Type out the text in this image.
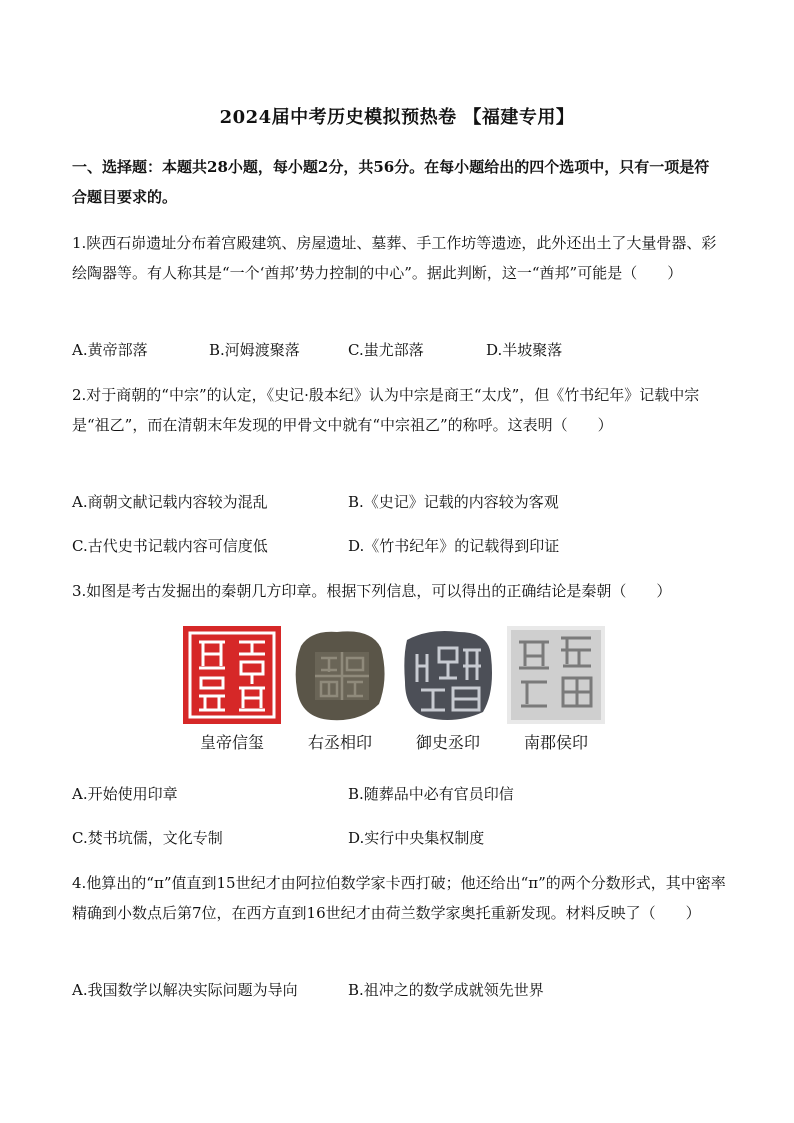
2024届中考历史模拟预热卷 【福建专用】
一、选择题：本题共28小题，每小题2分，共56分。在每小题给出的四个选项中，只有一项是符合题目要求的。
1.陕西石峁遗址分布着宫殿建筑、房屋遗址、墓葬、手工作坊等遗迹，此外还出土了大量骨器、彩绘陶器等。有人称其是“一个‘酋邦’势力控制的中心”。据此判断，这一“酋邦”可能是（　　）
A.黄帝部落	B.河姆渡聚落	C.蚩尤部落	D.半坡聚落
2.对于商朝的“中宗”的认定，《史记·殷本纪》认为中宗是商王“太戊”，但《竹书纪年》记载中宗是“祖乙”，而在清朝末年发现的甲骨文中就有“中宗祖乙”的称呼。这表明（　　）
A.商朝文献记载内容较为混乱	B.《史记》记载的内容较为客观
C.古代史书记载内容可信度低	D.《竹书纪年》的记载得到印证
3.如图是考古发掘出的秦朝几方印章。根据下列信息，可以得出的正确结论是秦朝（　　）
皇帝信玺	右丞相印	御史丞印	南郡侯印
A.开始使用印章	B.随葬品中必有官员印信
C.焚书坑儒，文化专制	D.实行中央集权制度
4.他算出的“π”值直到15世纪才由阿拉伯数学家卡西打破；他还给出“π”的两个分数形式，其中密率精确到小数点后第7位，在西方直到16世纪才由荷兰数学家奥托重新发现。材料反映了（　　）
A.我国数学以解决实际问题为导向	B.祖冲之的数学成就领先世界
